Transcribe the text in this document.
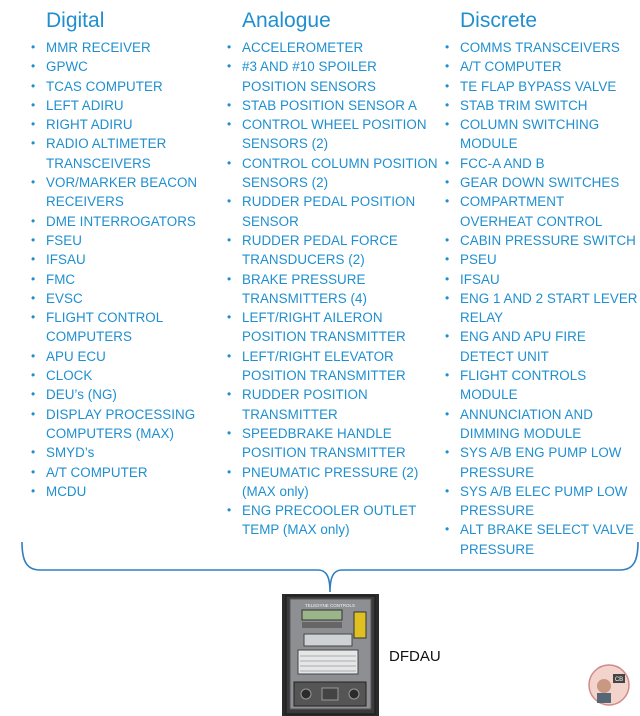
Digital
• MMR RECEIVER
• GPWC
• TCAS COMPUTER
• LEFT ADIRU
• RIGHT ADIRU
• RADIO ALTIMETER TRANSCEIVERS
• VOR/MARKER BEACON RECEIVERS
• DME INTERROGATORS
• FSEU
• IFSAU
• FMC
• EVSC
• FLIGHT CONTROL COMPUTERS
• APU ECU
• CLOCK
• DEU’s (NG)
• DISPLAY PROCESSING COMPUTERS (MAX)
• SMYD’s
• A/T COMPUTER
• MCDU
Analogue
• ACCELEROMETER
• #3 AND #10 SPOILER POSITION SENSORS
• STAB POSITION SENSOR A
• CONTROL WHEEL POSITION SENSORS (2)
• CONTROL COLUMN POSITION SENSORS (2)
• RUDDER PEDAL POSITION SENSOR
• RUDDER PEDAL FORCE TRANSDUCERS (2)
• BRAKE PRESSURE TRANSMITTERS (4)
• LEFT/RIGHT AILERON POSITION TRANSMITTER
• LEFT/RIGHT ELEVATOR POSITION TRANSMITTER
• RUDDER POSITION TRANSMITTER
• SPEEDBRAKE HANDLE POSITION TRANSMITTER
• PNEUMATIC PRESSURE (2) (MAX only)
• ENG PRECOOLER OUTLET TEMP (MAX only)
Discrete
• COMMS TRANSCEIVERS
• A/T COMPUTER
• TE FLAP BYPASS VALVE
• STAB TRIM SWITCH
• COLUMN SWITCHING MODULE
• FCC-A AND B
• GEAR DOWN SWITCHES
• COMPARTMENT OVERHEAT CONTROL
• CABIN PRESSURE SWITCH
• PSEU
• IFSAU
• ENG 1 AND 2 START LEVER RELAY
• ENG AND APU FIRE DETECT UNIT
• FLIGHT CONTROLS MODULE
• ANNUNCIATION AND DIMMING MODULE
• SYS A/B ENG PUMP LOW PRESSURE
• SYS A/B ELEC PUMP LOW PRESSURE
• ALT BRAKE SELECT VALVE PRESSURE
TELEDYNE CONTROLS
DFDAU
CB
